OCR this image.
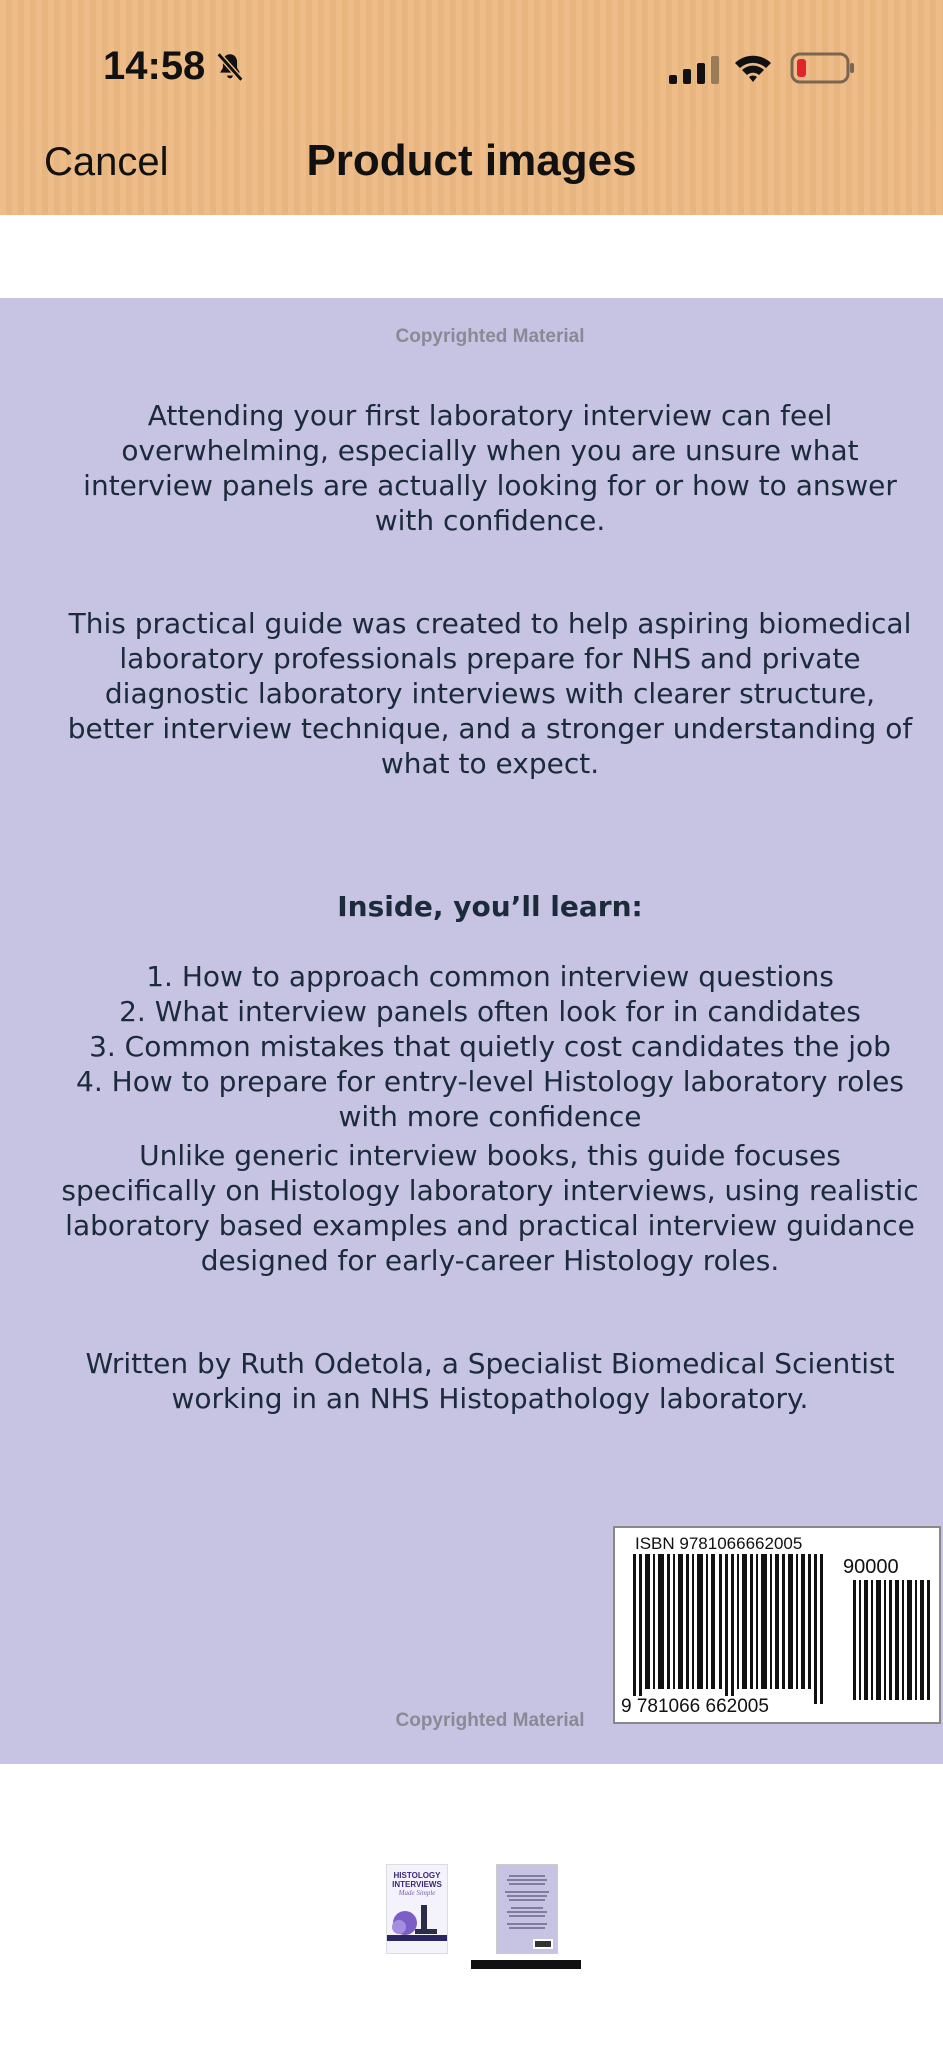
14:58
Cancel	Product images
Copyrighted Material
Attending your first laboratory interview can feel
overwhelming, especially when you are unsure what
interview panels are actually looking for or how to answer
with confidence.
This practical guide was created to help aspiring biomedical
laboratory professionals prepare for NHS and private
diagnostic laboratory interviews with clearer structure,
better interview technique, and a stronger understanding of
what to expect.

Inside, you’ll learn:

1. How to approach common interview questions
2. What interview panels often look for in candidates
3. Common mistakes that quietly cost candidates the job
4. How to prepare for entry-level Histology laboratory roles
with more confidence

Unlike generic interview books, this guide focuses
specifically on Histology laboratory interviews, using realistic
laboratory based examples and practical interview guidance
designed for early-career Histology roles.
Written by Ruth Odetola, a Specialist Biomedical Scientist
working in an NHS Histopathology laboratory.
ISBN 9781066662005
90000
9 781066 662005
Copyrighted Material
HISTOLOGY
INTERVIEWS
Made Simple
